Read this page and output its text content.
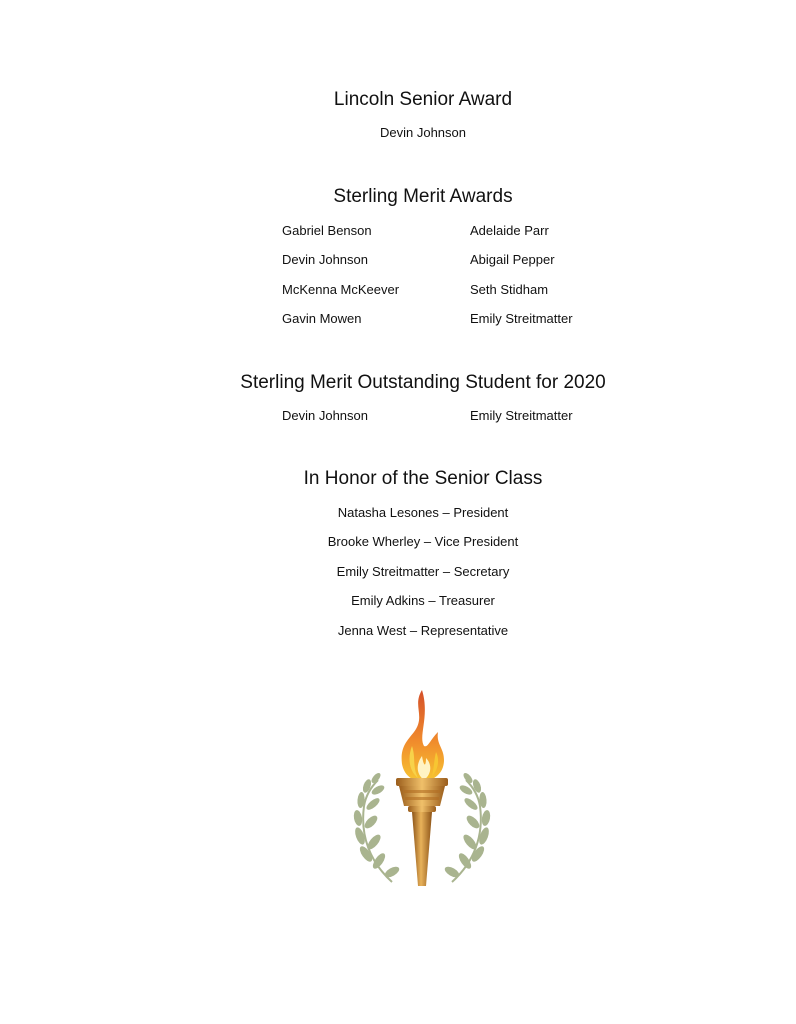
Lincoln Senior Award
Devin Johnson
Sterling Merit Awards
Gabriel Benson	Adelaide Parr
Devin Johnson	Abigail Pepper
McKenna McKeever	Seth Stidham
Gavin Mowen	Emily Streitmatter
Sterling Merit Outstanding Student for 2020
Devin Johnson	Emily Streitmatter
In Honor of the Senior Class
Natasha Lesones – President
Brooke Wherley – Vice President
Emily Streitmatter – Secretary
Emily Adkins – Treasurer
Jenna West – Representative
